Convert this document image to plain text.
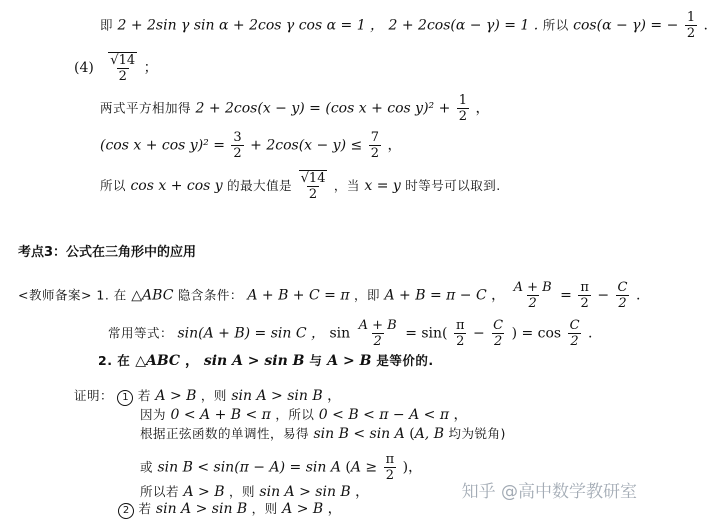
即 2 + 2sin γ sin α + 2cos γ cos α = 1 ， 2 + 2cos(α − γ) = 1 . 所以 cos(α − γ) = − $\frac{1}{2}$ .
$(4) \frac{√14}{2}$ ；
两式平方相加得 2 + 2cos(x − y) = (cos $x + \cos y)^2 + \frac{1}{2}$ ，
(cos $x + \cos y)^2 = \frac{3}{2} + 2\cos(x - y) \le \frac{7}{2}$ ，
所以 cos x + cos y 的最大值是 $\frac{√14}{2}$ ，当 x = y 时等号可以取到.
考点3：公式在三角形中的应用
<教师备案> 1. 在 △ABC 隐含条件： A + B + C = π ，即 A + B = π − C ， $\frac{A + B}{2} = \frac{\pi}{2} - \frac{C}{2}$ .
常用等式： sin(A + B) = sin C ， $\sin \frac{A + B}{2} = \sin( \frac{\pi}{2} - \frac{C}{2}$ ) = $\cos \frac{C}{2}$ .
2. 在 △ABC ， sin A > sin B 与 A > B 是等价的.
证明： 1 若 A > B ，则 sin A > sin B ，
因为 0 < A + B < π ，所以 0 < B < π − A < π ，
根据正弦函数的单调性，易得 sin B < sin A (A, B 均为锐角)
或 sin B < sin(π − A) = sin A ($A \ge \frac{\pi}{2}$ )，
所以若 A > B ，则 sin A > sin B ，
2 若 sin A > sin B ，则 A > B ，
知乎 @高中数学教研室
